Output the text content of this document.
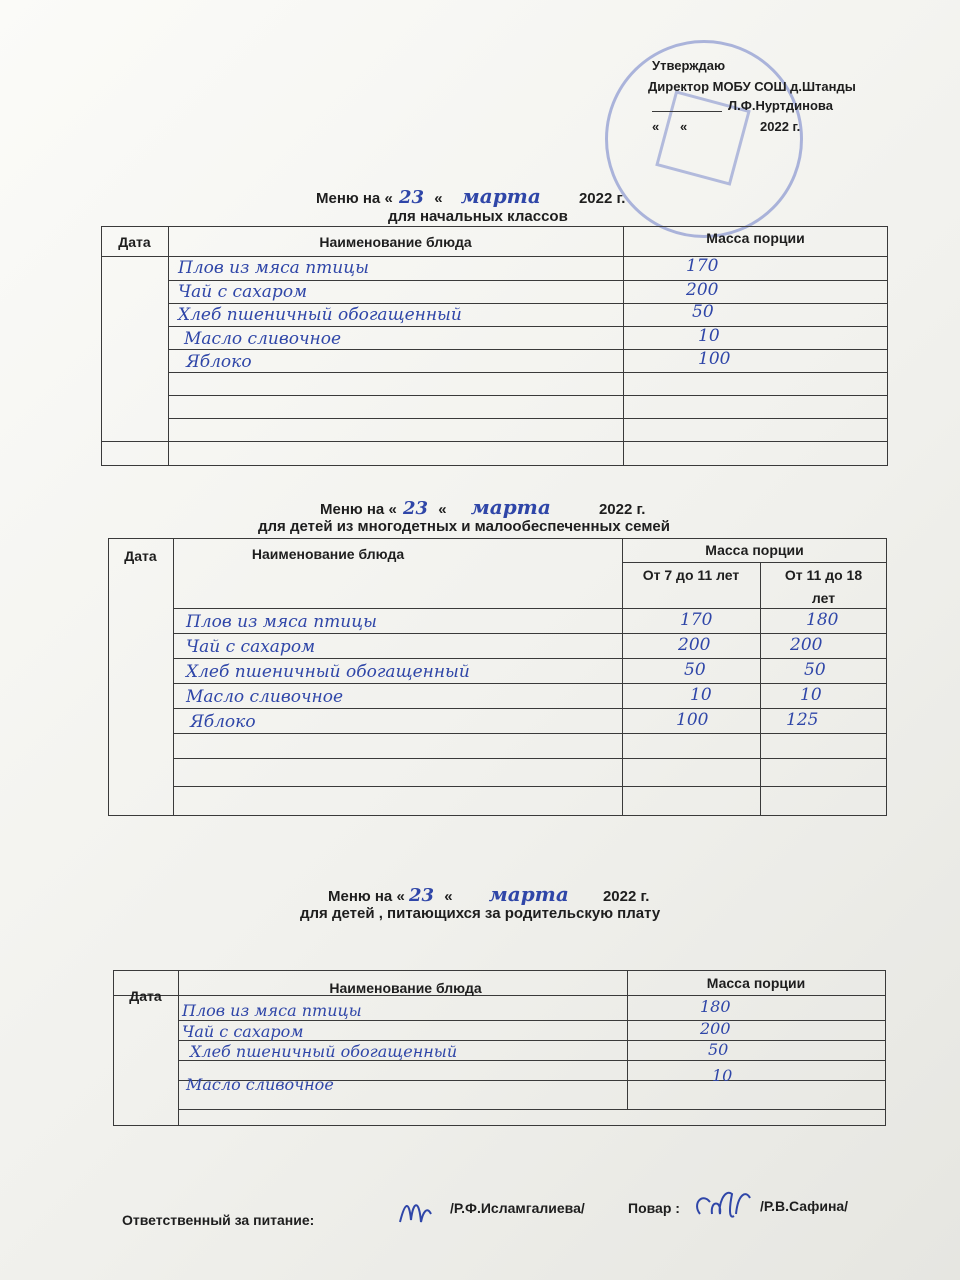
Утверждаю
Директор МОБУ СОШ д.Штанды
Л.Ф.Нуртдинова
« «	2022 г.
Меню на « 23 « марта	2022 г.
для начальных классов
Дата	Наименование блюда	Масса порции
Плов из мяса птицы	170
Чай с сахаром	200
Хлеб пшеничный обогащенный	50
Масло сливочное	10
Яблоко	100
Меню на « 23 « марта	2022 г.
для детей из многодетных и малообеспеченных семей
Дата	Наименование блюда	Масса порции
От 7 до 11 лет	От 11 до 18
лет
Плов из мяса птицы	170	180
Чай с сахаром	200	200
Хлеб пшеничный обогащенный	50	50
Масло сливочное	10	10
Яблоко	100	125
Меню на « 23 « марта 2022 г.
для детей , питающихся за родительскую плату
Дата	Наименование блюда	Масса порции
Плов из мяса птицы	180
Чай с сахаром	200
Хлеб пшеничный обогащенный	50
Масло сливочное	10
Ответственный за питание:
/Р.Ф.Исламгалиева/	Повар :	/Р.В.Сафина/
